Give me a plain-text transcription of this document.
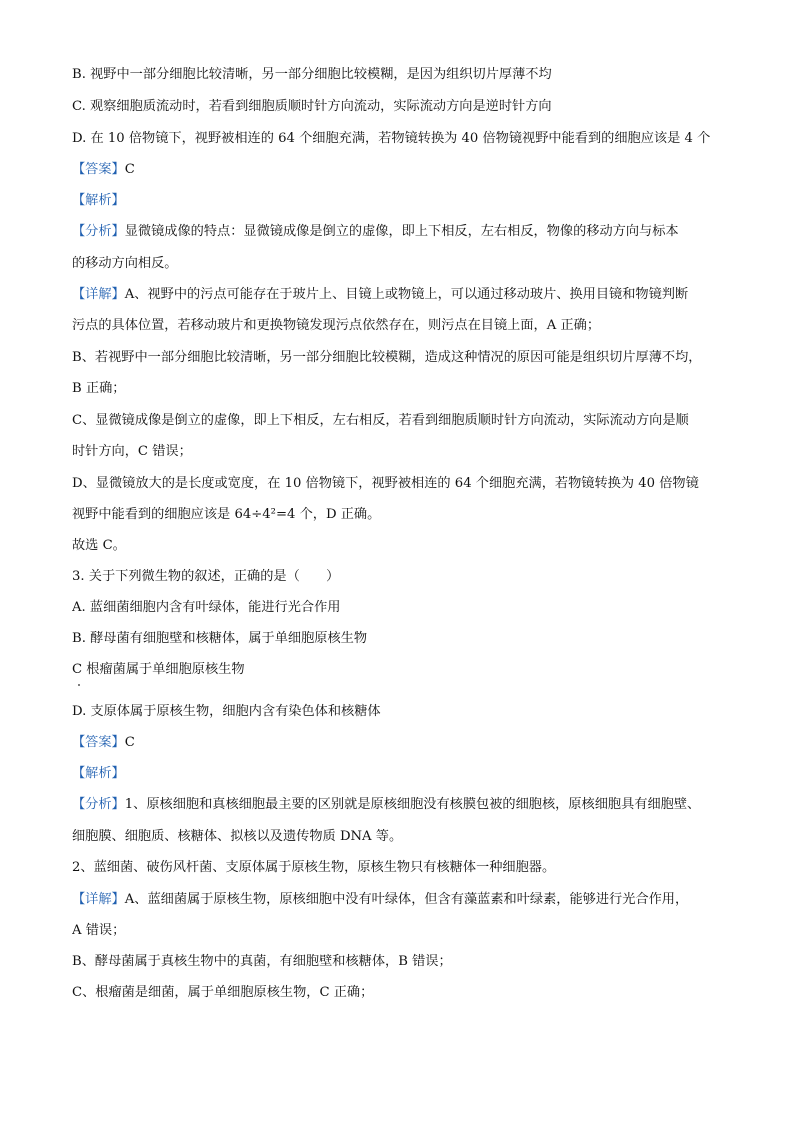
B. 视野中一部分细胞比较清晰，另一部分细胞比较模糊，是因为组织切片厚薄不均
C. 观察细胞质流动时，若看到细胞质顺时针方向流动，实际流动方向是逆时针方向
D. 在 10 倍物镜下，视野被相连的 64 个细胞充满，若物镜转换为 40 倍物镜视野中能看到的细胞应该是 4 个
【答案】C
【解析】
【分析】显微镜成像的特点：显微镜成像是倒立的虚像，即上下相反，左右相反，物像的移动方向与标本
的移动方向相反。
【详解】A、视野中的污点可能存在于玻片上、目镜上或物镜上，可以通过移动玻片、换用目镜和物镜判断
污点的具体位置，若移动玻片和更换物镜发现污点依然存在，则污点在目镜上面，A 正确；
B、若视野中一部分细胞比较清晰，另一部分细胞比较模糊，造成这种情况的原因可能是组织切片厚薄不均，
B 正确；
C、显微镜成像是倒立的虚像，即上下相反，左右相反，若看到细胞质顺时针方向流动，实际流动方向是顺
时针方向，C 错误；
D、显微镜放大的是长度或宽度，在 10 倍物镜下，视野被相连的 64 个细胞充满，若物镜转换为 40 倍物镜
视野中能看到的细胞应该是 64÷4²=4 个，D 正确。
故选 C。
3. 关于下列微生物的叙述，正确的是（　　）
A. 蓝细菌细胞内含有叶绿体，能进行光合作用
B. 酵母菌有细胞壁和核糖体，属于单细胞原核生物
C 根瘤菌属于单细胞原核生物
D. 支原体属于原核生物，细胞内含有染色体和核糖体
【答案】C
【解析】
【分析】1、原核细胞和真核细胞最主要的区别就是原核细胞没有核膜包被的细胞核，原核细胞具有细胞壁、
细胞膜、细胞质、核糖体、拟核以及遗传物质 DNA 等。
2、蓝细菌、破伤风杆菌、支原体属于原核生物，原核生物只有核糖体一种细胞器。
【详解】A、蓝细菌属于原核生物，原核细胞中没有叶绿体，但含有藻蓝素和叶绿素，能够进行光合作用，
A 错误；
B、酵母菌属于真核生物中的真菌，有细胞壁和核糖体，B 错误；
C、根瘤菌是细菌，属于单细胞原核生物，C 正确；
